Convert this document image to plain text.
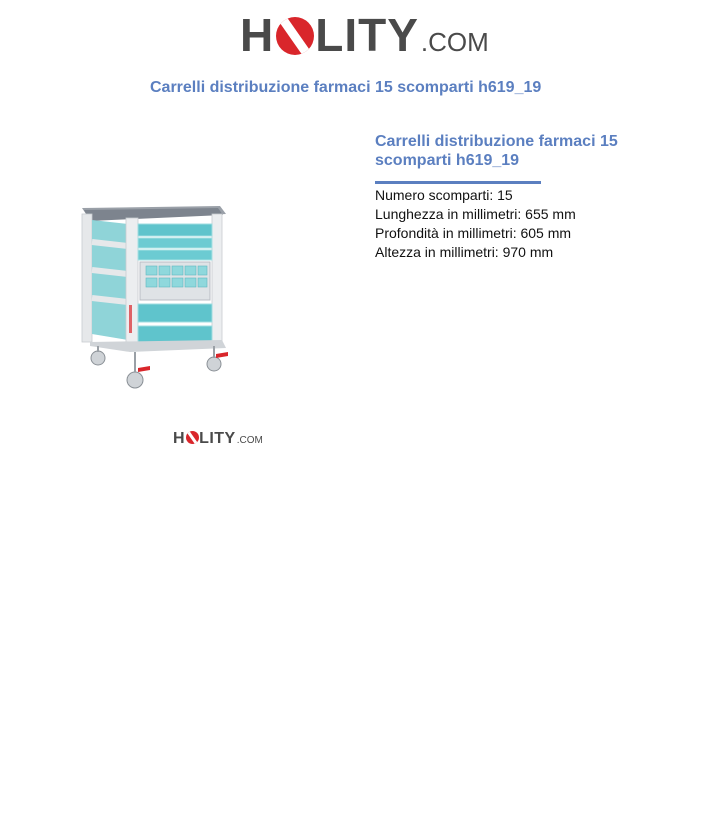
H LITY .COM
Carrelli distribuzione farmaci 15 scomparti h619_19
H LITY .COM
Carrelli distribuzione farmaci 15 scomparti h619_19
Numero scomparti: 15
Lunghezza in millimetri: 655 mm
Profondità in millimetri: 605 mm
Altezza in millimetri: 970 mm
